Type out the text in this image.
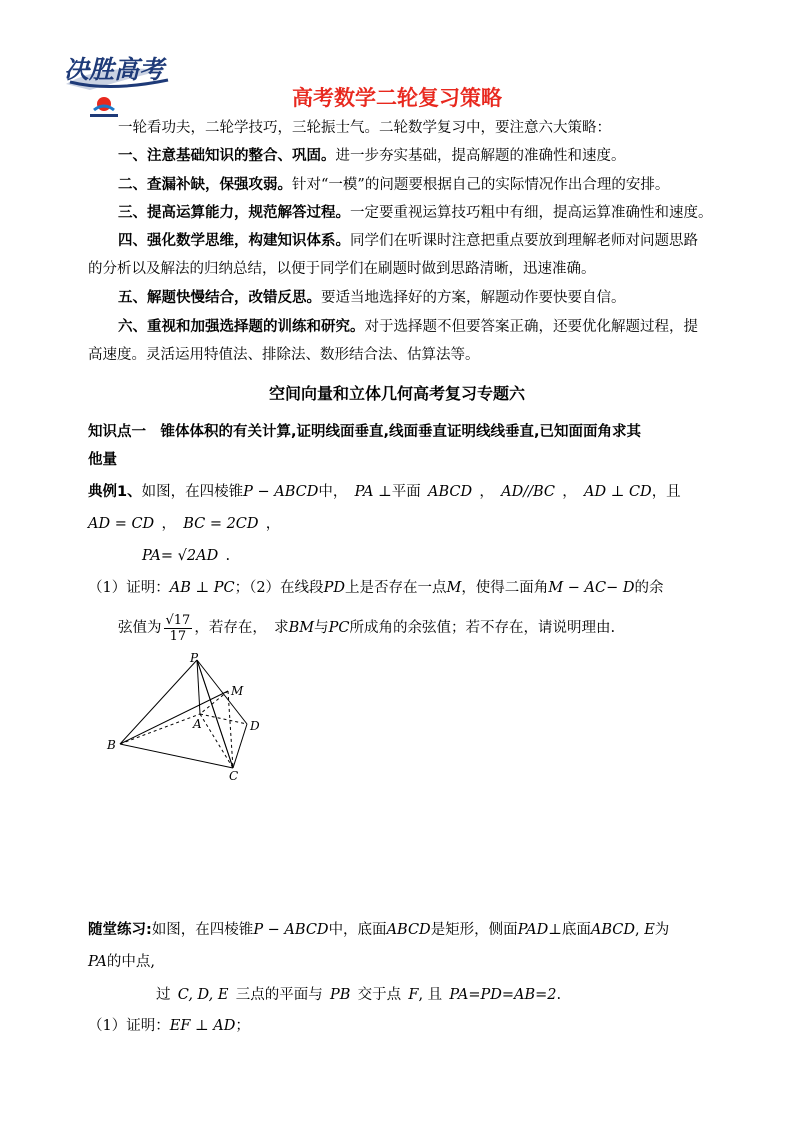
决胜高考
高考数学二轮复习策略
一轮看功夫，二轮学技巧，三轮振士气。二轮数学复习中，要注意六大策略：
一、注意基础知识的整合、巩固。进一步夯实基础，提高解题的准确性和速度。
二、查漏补缺，保强攻弱。针对“一模”的问题要根据自己的实际情况作出合理的安排。
三、提高运算能力，规范解答过程。一定要重视运算技巧粗中有细，提高运算准确性和速度。
四、强化数学思维，构建知识体系。同学们在听课时注意把重点要放到理解老师对问题思路
的分析以及解法的归纳总结，以便于同学们在刷题时做到思路清晰，迅速准确。
五、解题快慢结合，改错反思。要适当地选择好的方案，解题动作要快要自信。
六、重视和加强选择题的训练和研究。对于选择题不但要答案正确，还要优化解题过程，提
高速度。灵活运用特值法、排除法、数形结合法、估算法等。
空间向量和立体几何高考复习专题六
知识点一　锥体体积的有关计算,证明线面垂直,线面垂直证明线线垂直,已知面面角求其
他量
典例1、如图，在四棱锥P − ABCD中，  PA ⊥平面  ABCD ， AD//BC ， AD ⊥ CD，且
AD = CD ， BC = 2CD ，
PA= √2AD .
（1）证明：AB ⊥ PC；（2）在线段PD上是否存在一点M，使得二面角M − AC− D的余
弦值为 $\frac{√17}{17}$ ，若存在，　求BM与PC所成角的余弦值；若不存在，请说明理由.
P
M
A	D
B
C
随堂练习:如图，在四棱锥P − ABCD中，底面ABCD是矩形，侧面PAD⊥底面ABCD, E为
PA的中点,
过  C, D, E  三点的平面与  PB  交于点  F, 且  PA=PD=AB=2.
（1）证明：EF ⊥ AD；
